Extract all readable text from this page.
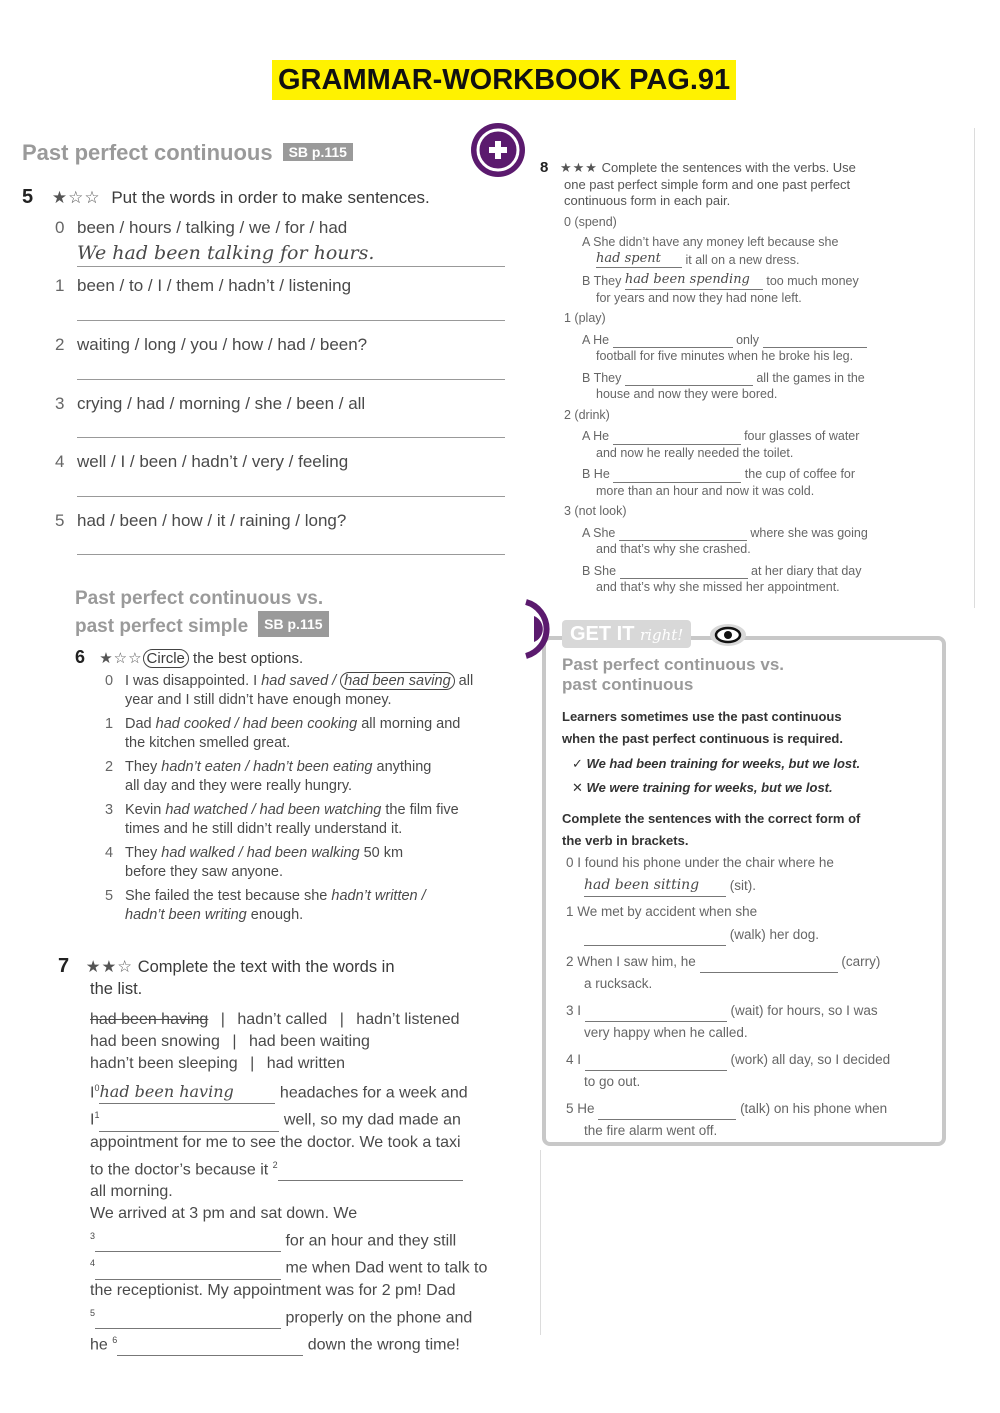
GRAMMAR-WORKBOOK PAG.91
Past perfect continuous SB p.115
5 ★☆☆ Put the words in order to make sentences.
0 been / hours / talking / we / for / had
We had been talking for hours.
1 been / to / I / them / hadn’t / listening
2 waiting / long / you / how / had / been?
3 crying / had / morning / she / been / all
4 well / I / been / hadn’t / very / feeling
5 had / been / how / it / raining / long?
Past perfect continuous vs.
past perfect simple SB p.115
6 ★☆☆ Circle the best options.
0 I was disappointed. I had saved / had been saving all
year and I still didn’t have enough money.
1 Dad had cooked / had been cooking all morning and
the kitchen smelled great.
2 They hadn’t eaten / hadn’t been eating anything
all day and they were really hungry.
3 Kevin had watched / had been watching the film five
times and he still didn’t really understand it.
4 They had walked / had been walking 50 km
before they saw anyone.
5 She failed the test because she hadn’t written /
hadn’t been writing enough.
7 ★★☆ Complete the text with the words in
the list.
had been having | hadn’t called | hadn’t listened
had been snowing | had been waiting
hadn’t been sleeping | had written
$I^0had$ been having	headaches for a week and
$I^1$	well, so my dad made an
appointment for me to see the doctor. We took a taxi
to the doctor’s because it $^2$
all morning.
We arrived at 3 pm and sat down. We
$^3$	for an hour and they still
$^4$	me when Dad went to talk to
the receptionist. My appointment was for 2 pm! Dad
$^5$	properly on the phone and
he $^6$	down the wrong time!
8 ★★★ Complete the sentences with the verbs. Use
one past perfect simple form and one past perfect
continuous form in each pair.
0 (spend)
A She didn’t have any money left because she
had spent it all on a new dress.
B They had been spending too much money
for years and now they had none left.
1 (play)
A He	only
football for five minutes when he broke his leg.
B They	all the games in the
house and now they were bored.
2 (drink)
A He	four glasses of water
and now he really needed the toilet.
B He	the cup of coffee for
more than an hour and now it was cold.
3 (not look)
A She	where she was going
and that’s why she crashed.
B She	at her diary that day
and that’s why she missed her appointment.
GET IT right!
Past perfect continuous vs.
past continuous
Learners sometimes use the past continuous
when the past perfect continuous is required.
✓ We had been training for weeks, but we lost.
✕ We were training for weeks, but we lost.
Complete the sentences with the correct form of
the verb in brackets.
0 I found his phone under the chair where he
had been sitting (sit).
1 We met by accident when she
(walk) her dog.
2 When I saw him, he	(carry)
a rucksack.
3 I	(wait) for hours, so I was
very happy when he called.
4 I	(work) all day, so I decided
to go out.
5 He	(talk) on his phone when
the fire alarm went off.
